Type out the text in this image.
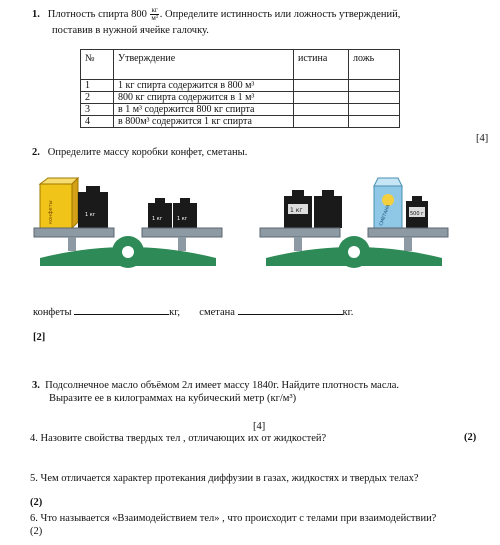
1. Плотность спирта $800 \frac{кг}{\text{м³}}$ . Определите истинность или ложность утверждений,
поставив в нужной ячейке галочку.
№	Утверждение	истина	ложь
1	1 кг спирта содержится в 800 м³		
2	800 кг спирта содержится в 1 м³		
3	в 1 м³ содержится 800 кг спирта		
4	в 800м³ содержится 1 кг спирта		
[4]
2. Определите массу коробки конфет, сметаны.
конфеты	1 кг
1 кг	1 кг
1 кг	СМЕТАНА	500 г
конфеты	кг, сметана	кг.
[2]
3. Подсолнечное масло объёмом 2л имеет массу 1840г. Найдите плотность масла.
Выразите ее в килограммах на кубический метр (кг/м³)
[4]
4. Назовите свойства твердых тел , отличающих их от жидкостей?	(2)
5. Чем отличается характер протекания диффузии в газах, жидкостях и твердых телах?
(2)
6. Что называется «Взаимодействием тел» , что происходит с телами при взаимодействии?
(2)
